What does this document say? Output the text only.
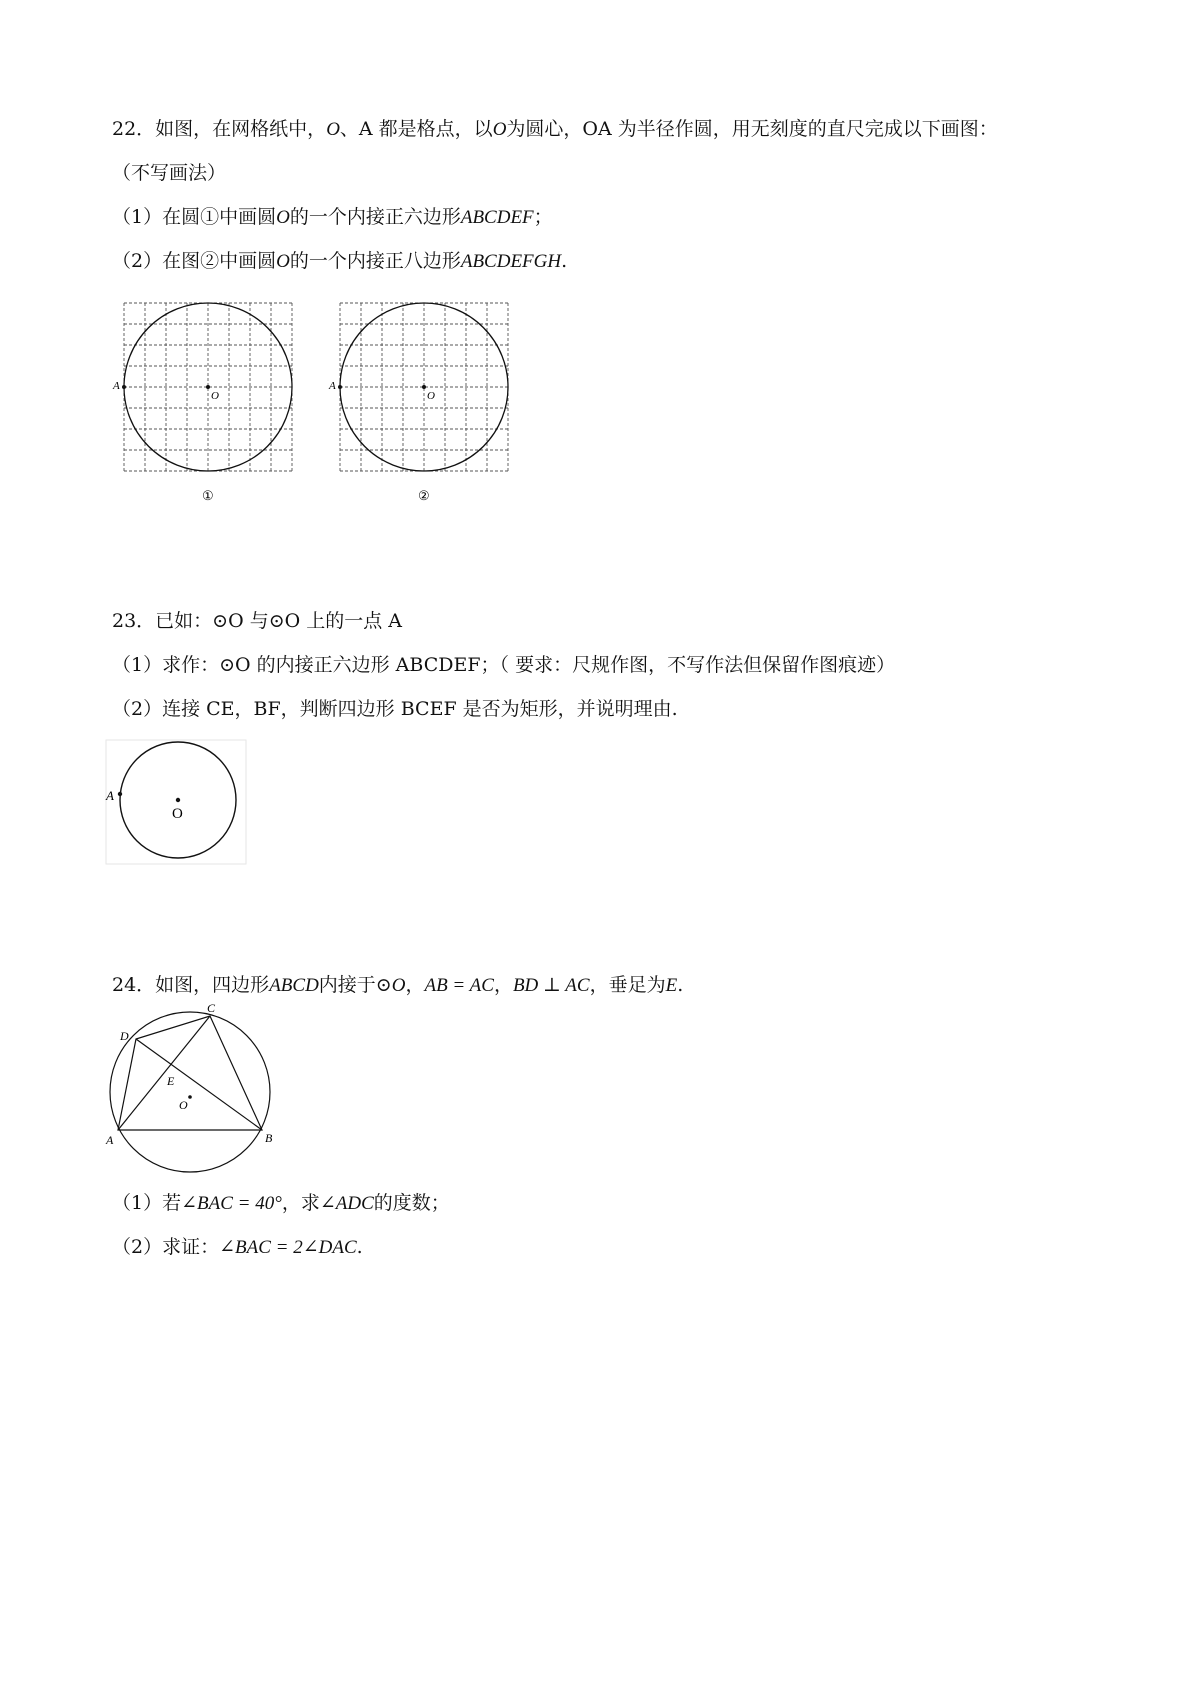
22．如图，在网格纸中，O、A 都是格点，以O为圆心，OA 为半径作圆，用无刻度的直尺完成以下画图：
（不写画法）
（1）在圆①中画圆O的一个内接正六边形ABCDEF；
（2）在图②中画圆O的一个内接正八边形ABCDEFGH.
A
O
①
A
O
②
23．已如：⊙O 与⊙O 上的一点 A
（1）求作：⊙O 的内接正六边形 ABCDEF；（ 要求：尺规作图，不写作法但保留作图痕迹）
（2）连接 CE，BF，判断四边形 BCEF 是否为矩形，并说明理由.
A
O
24．如图，四边形ABCD内接于⊙O，AB = AC，BD ⊥ AC，垂足为E.
A	B
C
D
E
O
（1）若∠BAC = 40°，求∠ADC的度数；
（2）求证：∠BAC = 2∠DAC.
